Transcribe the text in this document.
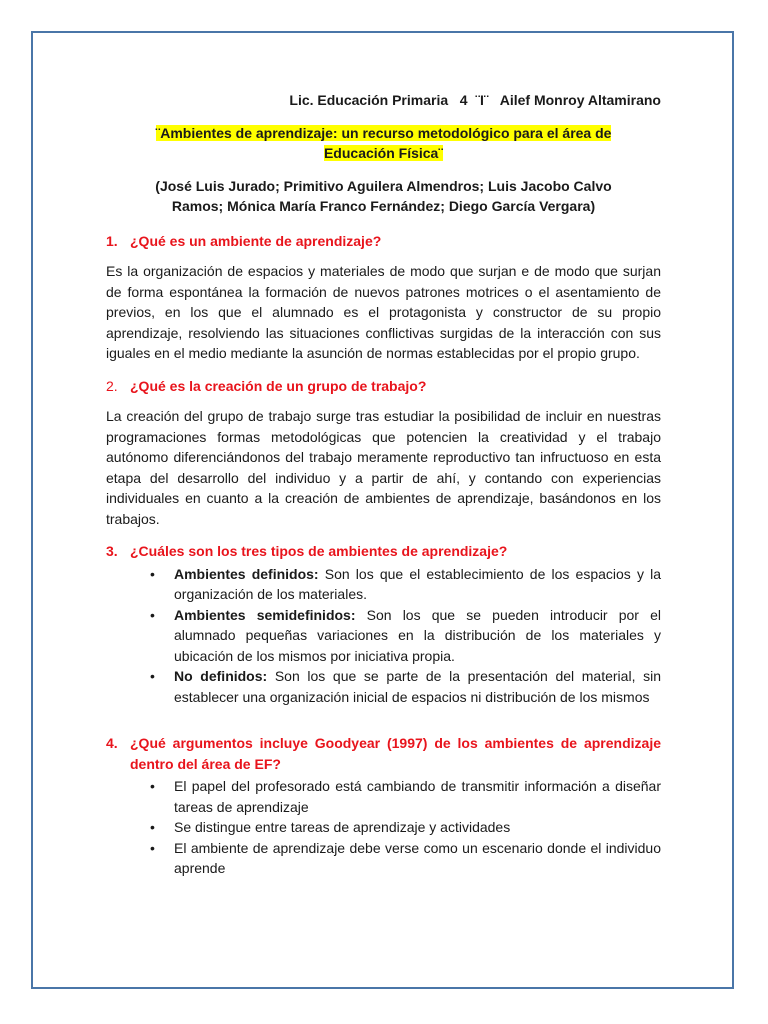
Lic. Educación Primaria   4  ¨I¨   Ailef Monroy Altamirano
¨Ambientes de aprendizaje: un recurso metodológico para el área de
Educación Física¨
(José Luis Jurado; Primitivo Aguilera Almendros; Luis Jacobo Calvo
Ramos; Mónica María Franco Fernández; Diego García Vergara)
1. ¿Qué es un ambiente de aprendizaje?

Es la organización de espacios y materiales de modo que surjan e de modo que surjan de forma espontánea la formación de nuevos patrones motrices o el asentamiento de previos, en los que el alumnado es el protagonista y constructor de su propio aprendizaje, resolviendo las situaciones conflictivas surgidas de la interacción con sus iguales en el medio mediante la asunción de normas establecidas por el propio grupo.

2. ¿Qué es la creación de un grupo de trabajo?

La creación del grupo de trabajo surge tras estudiar la posibilidad de incluir en nuestras programaciones formas metodológicas que potencien la creatividad y el trabajo autónomo diferenciándonos del trabajo meramente reproductivo tan infructuoso en esta etapa del desarrollo del individuo y a partir de ahí, y contando con experiencias individuales en cuanto a la creación de ambientes de aprendizaje, basándonos en los trabajos.

3. ¿Cuáles son los tres tipos de ambientes de aprendizaje?
• Ambientes definidos: Son los que el establecimiento de los espacios y la organización de los materiales.
• Ambientes semidefinidos: Son los que se pueden introducir por el alumnado pequeñas variaciones en la distribución de los materiales y ubicación de los mismos por iniciativa propia.
• No definidos: Son los que se parte de la presentación del material, sin establecer una organización inicial de espacios ni distribución de los mismos
4. ¿Qué argumentos incluye Goodyear (1997) de los ambientes de aprendizaje dentro del área de EF?
• El papel del profesorado está cambiando de transmitir información a diseñar tareas de aprendizaje
• Se distingue entre tareas de aprendizaje y actividades
• El ambiente de aprendizaje debe verse como un escenario donde el individuo aprende
